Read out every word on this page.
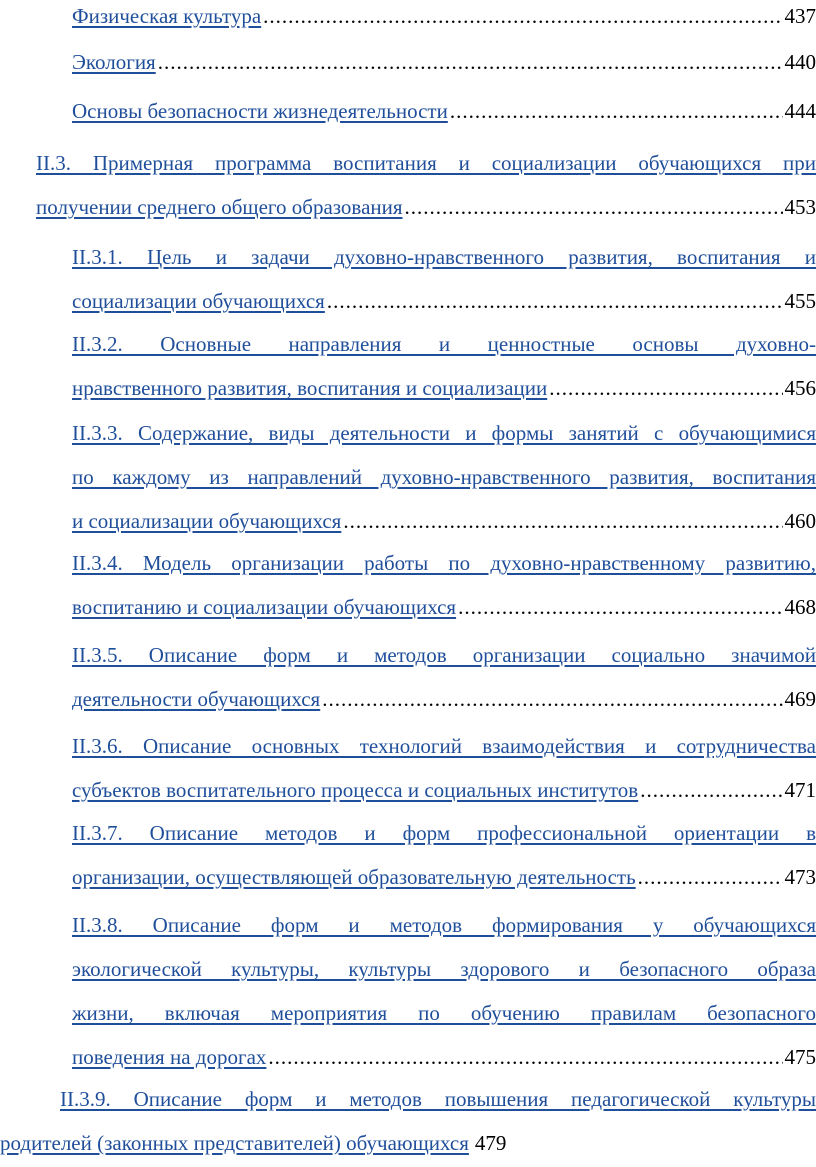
Физическая культура .....	437
Экология .....	440
Основы безопасности жизнедеятельности .....	444
II.3. Примерная программа воспитания и социализации обучающихся при
получении среднего общего образования .....	453
II.3.1. Цель и задачи духовно-нравственного развития, воспитания и
социализации обучающихся .....	455
II.3.2. Основные направления и ценностные основы духовно-
нравственного развития, воспитания и социализации .....	456
II.3.3. Содержание, виды деятельности и формы занятий с обучающимися
по каждому из направлений духовно-нравственного развития, воспитания
и социализации обучающихся .....	460
II.3.4. Модель организации работы по духовно-нравственному развитию,
воспитанию и социализации обучающихся .....	468
II.3.5. Описание форм и методов организации социально значимой
деятельности обучающихся .....	469
II.3.6. Описание основных технологий взаимодействия и сотрудничества
субъектов воспитательного процесса и социальных институтов .....	471
II.3.7. Описание методов и форм профессиональной ориентации в
организации, осуществляющей образовательную деятельность .....	473
II.3.8. Описание форм и методов формирования у обучающихся
экологической культуры, культуры здорового и безопасного образа
жизни, включая мероприятия по обучению правилам безопасного
поведения на дорогах .....	475
II.3.9. Описание форм и методов повышения педагогической культуры
родителей (законных представителей) обучающихся 479
